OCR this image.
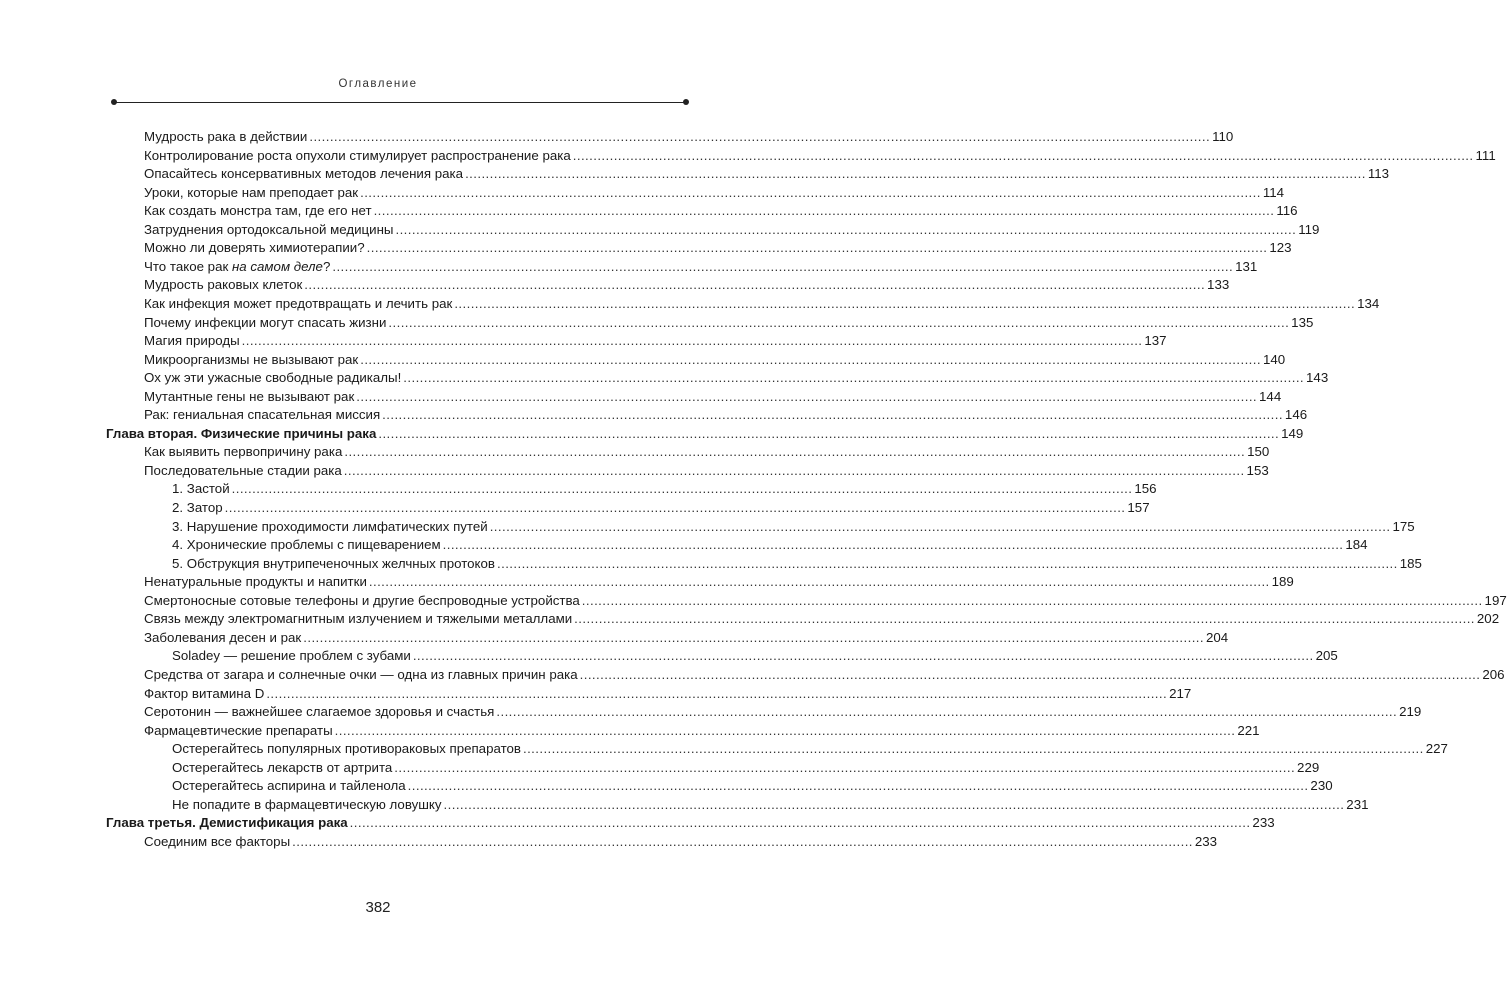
Оглавление
Мудрость рака в действии ............................................................................................................................................................................................................................ 110
Контролирование роста опухоли стимулирует распространение рака ............................................................................................................................................................................................................................ 111
Опасайтесь консервативных методов лечения рака ............................................................................................................................................................................................................................ 113
Уроки, которые нам преподает рак ............................................................................................................................................................................................................................ 114
Как создать монстра там, где его нет ............................................................................................................................................................................................................................ 116
Затруднения ортодоксальной медицины ............................................................................................................................................................................................................................ 119
Можно ли доверять химиотерапии? ............................................................................................................................................................................................................................ 123
Что такое рак на самом деле? ............................................................................................................................................................................................................................ 131
Мудрость раковых клеток ............................................................................................................................................................................................................................ 133
Как инфекция может предотвращать и лечить рак ............................................................................................................................................................................................................................ 134
Почему инфекции могут спасать жизни ............................................................................................................................................................................................................................ 135
Магия природы ............................................................................................................................................................................................................................ 137
Микроорганизмы не вызывают рак ............................................................................................................................................................................................................................ 140
Ох уж эти ужасные свободные радикалы! ............................................................................................................................................................................................................................ 143
Мутантные гены не вызывают рак ............................................................................................................................................................................................................................ 144
Рак: гениальная спасательная миссия ............................................................................................................................................................................................................................ 146
Глава вторая. Физические причины рака ............................................................................................................................................................................................................................ 149
Как выявить первопричину рака ............................................................................................................................................................................................................................ 150
Последовательные стадии рака ............................................................................................................................................................................................................................ 153
1. Застой ............................................................................................................................................................................................................................ 156
2. Затор ............................................................................................................................................................................................................................ 157
3. Нарушение проходимости лимфатических путей ............................................................................................................................................................................................................................ 175
4. Хронические проблемы с пищеварением ............................................................................................................................................................................................................................ 184
5. Обструкция внутрипеченочных желчных протоков ............................................................................................................................................................................................................................ 185
Ненатуральные продукты и напитки ............................................................................................................................................................................................................................ 189
Смертоносные сотовые телефоны и другие беспроводные устройства ............................................................................................................................................................................................................................ 197
Связь между электромагнитным излучением и тяжелыми металлами ............................................................................................................................................................................................................................ 202
Заболевания десен и рак ............................................................................................................................................................................................................................ 204
Soladey — решение проблем с зубами ............................................................................................................................................................................................................................ 205
Средства от загара и солнечные очки — одна из главных причин рака ............................................................................................................................................................................................................................ 206
Фактор витамина D ............................................................................................................................................................................................................................ 217
Серотонин — важнейшее слагаемое здоровья и счастья ............................................................................................................................................................................................................................ 219
Фармацевтические препараты ............................................................................................................................................................................................................................ 221
Остерегайтесь популярных противораковых препаратов ............................................................................................................................................................................................................................ 227
Остерегайтесь лекарств от артрита ............................................................................................................................................................................................................................ 229
Остерегайтесь аспирина и тайленола ............................................................................................................................................................................................................................ 230
Не попадите в фармацевтическую ловушку ............................................................................................................................................................................................................................ 231
Глава третья. Демистификация рака ............................................................................................................................................................................................................................ 233
Соединим все факторы ............................................................................................................................................................................................................................ 233
382
